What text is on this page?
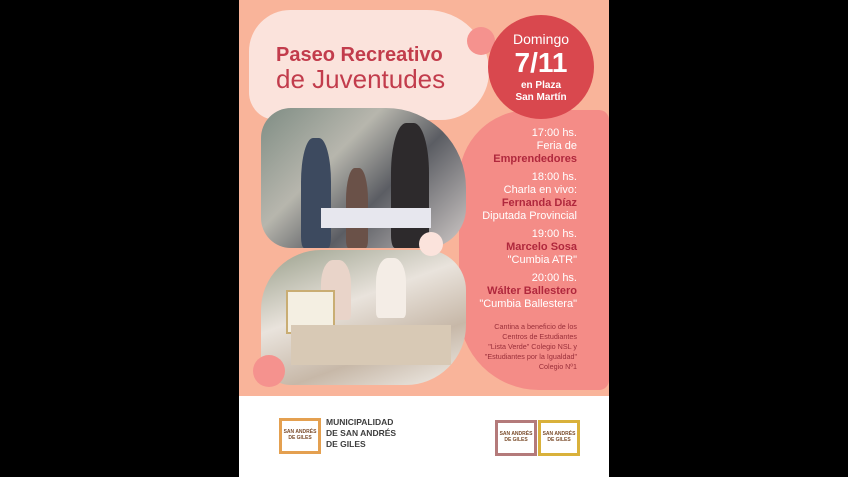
Paseo Recreativo
de Juventudes
Domingo
7/11
en Plaza
San Martín
17:00 hs.
Feria de
Emprendedores
18:00 hs.
Charla en vivo:
Fernanda Díaz
Diputada Provincial
19:00 hs.
Marcelo Sosa
"Cumbia ATR"
20:00 hs.
Wálter Ballestero
"Cumbia Ballestera"
Cantina a beneficio de los
Centros de Estudiantes
"Lista Verde" Colegio NSL y
"Estudiantes por la Igualdad"
Colegio Nº1
SAN ANDRÉS DE GILES
MUNICIPALIDAD
DE SAN ANDRÉS
DE GILES
SAN ANDRÉS DE GILES
SAN ANDRÉS DE GILES
